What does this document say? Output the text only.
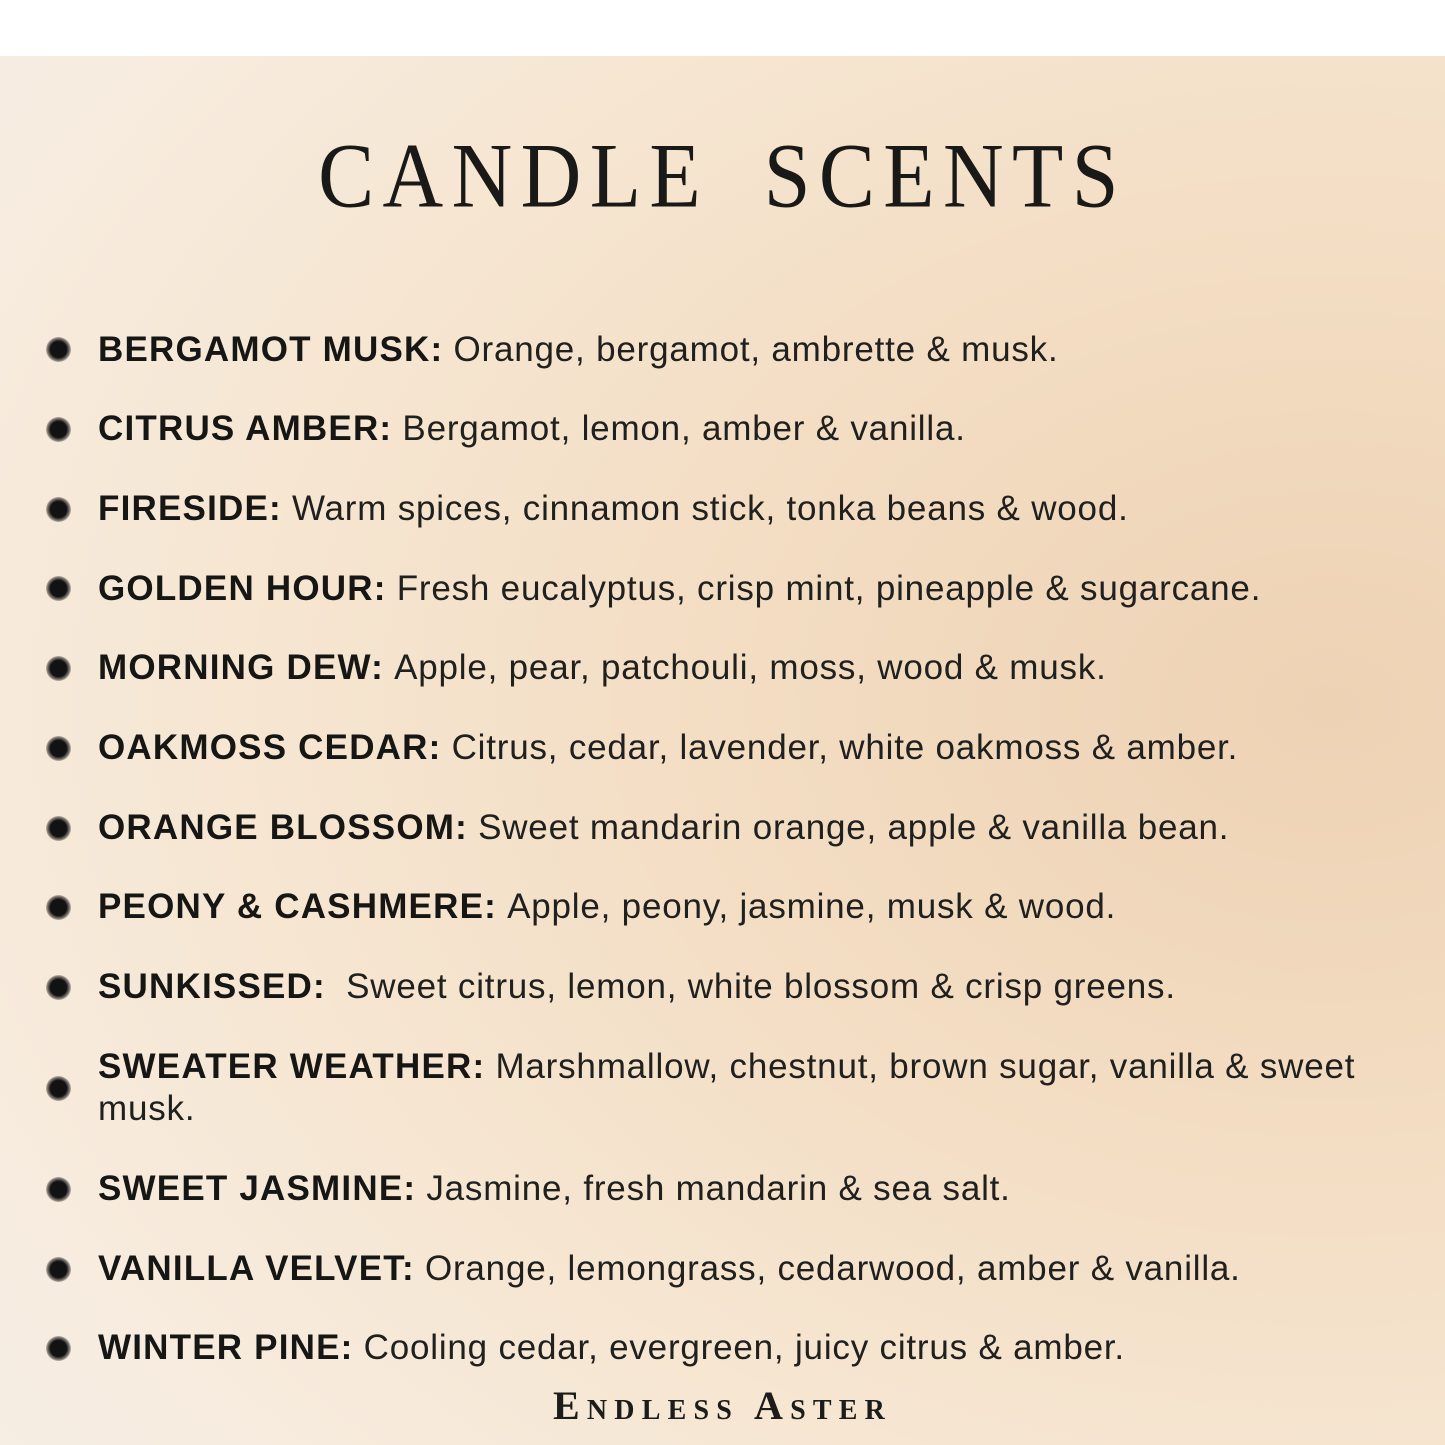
CANDLE SCENTS
BERGAMOT MUSK: Orange, bergamot, ambrette & musk.
CITRUS AMBER: Bergamot, lemon, amber & vanilla.
FIRESIDE: Warm spices, cinnamon stick, tonka beans & wood.
GOLDEN HOUR: Fresh eucalyptus, crisp mint, pineapple & sugarcane.
MORNING DEW: Apple, pear, patchouli, moss, wood & musk.
OAKMOSS CEDAR: Citrus, cedar, lavender, white oakmoss & amber.
ORANGE BLOSSOM: Sweet mandarin orange, apple & vanilla bean.
PEONY & CASHMERE: Apple, peony, jasmine, musk & wood.
SUNKISSED: Sweet citrus, lemon, white blossom & crisp greens.
SWEATER WEATHER: Marshmallow, chestnut, brown sugar, vanilla & sweet musk.
SWEET JASMINE: Jasmine, fresh mandarin & sea salt.
VANILLA VELVET: Orange, lemongrass, cedarwood, amber & vanilla.
WINTER PINE: Cooling cedar, evergreen, juicy citrus & amber.
Endless Aster
